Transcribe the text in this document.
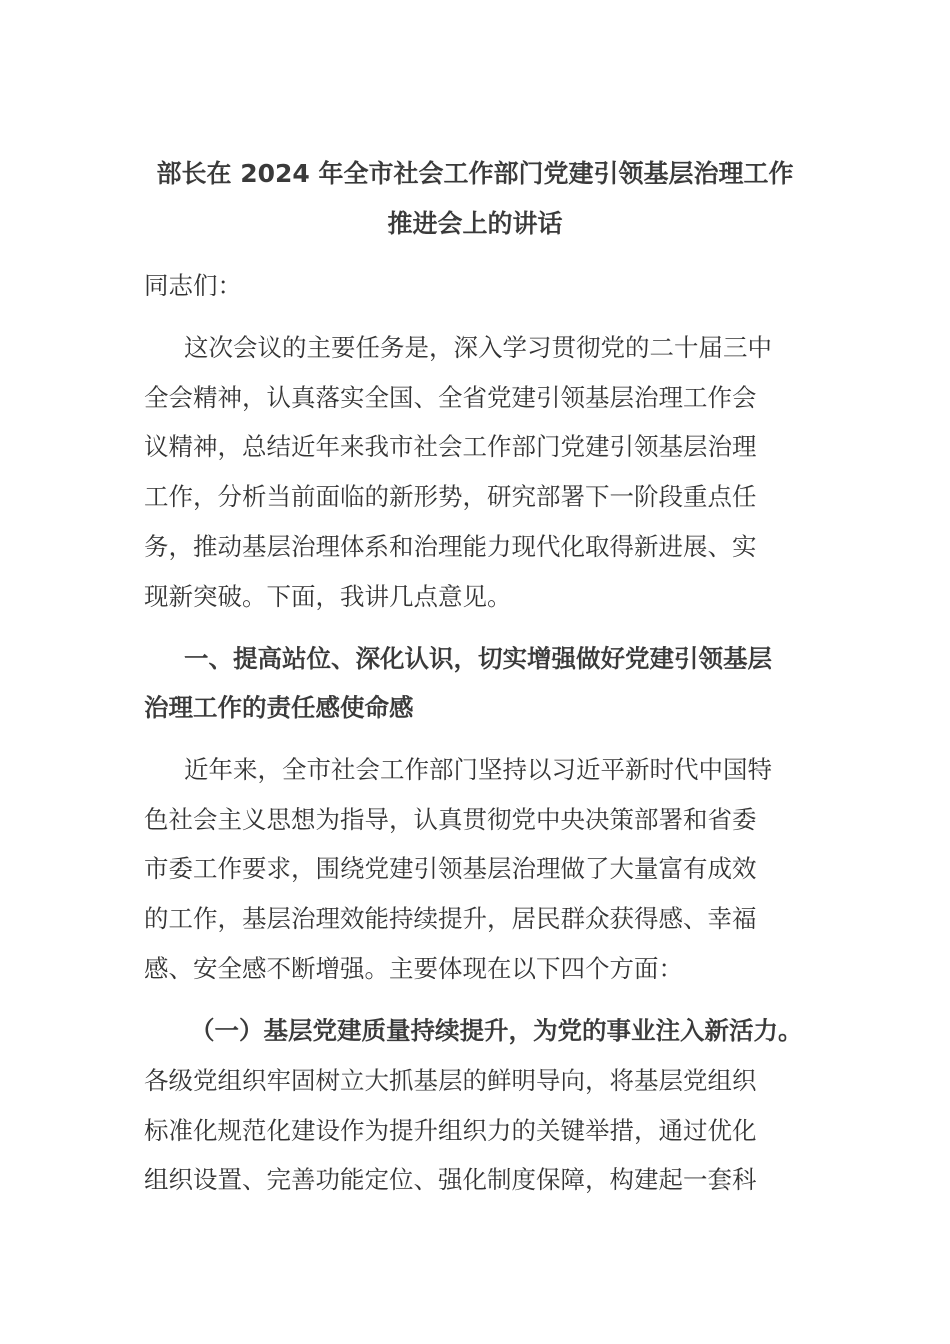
部长在 2024 年全市社会工作部门党建引领基层治理工作
推进会上的讲话
同志们：
这次会议的主要任务是，深入学习贯彻党的二十届三中
全会精神，认真落实全国、全省党建引领基层治理工作会
议精神，总结近年来我市社会工作部门党建引领基层治理
工作，分析当前面临的新形势，研究部署下一阶段重点任
务，推动基层治理体系和治理能力现代化取得新进展、实
现新突破。下面，我讲几点意见。
一、提高站位、深化认识，切实增强做好党建引领基层
治理工作的责任感使命感
近年来，全市社会工作部门坚持以习近平新时代中国特
色社会主义思想为指导，认真贯彻党中央决策部署和省委
市委工作要求，围绕党建引领基层治理做了大量富有成效
的工作，基层治理效能持续提升，居民群众获得感、幸福
感、安全感不断增强。主要体现在以下四个方面：
（一）基层党建质量持续提升，为党的事业注入新活力。
各级党组织牢固树立大抓基层的鲜明导向，将基层党组织
标准化规范化建设作为提升组织力的关键举措，通过优化
组织设置、完善功能定位、强化制度保障，构建起一套科
